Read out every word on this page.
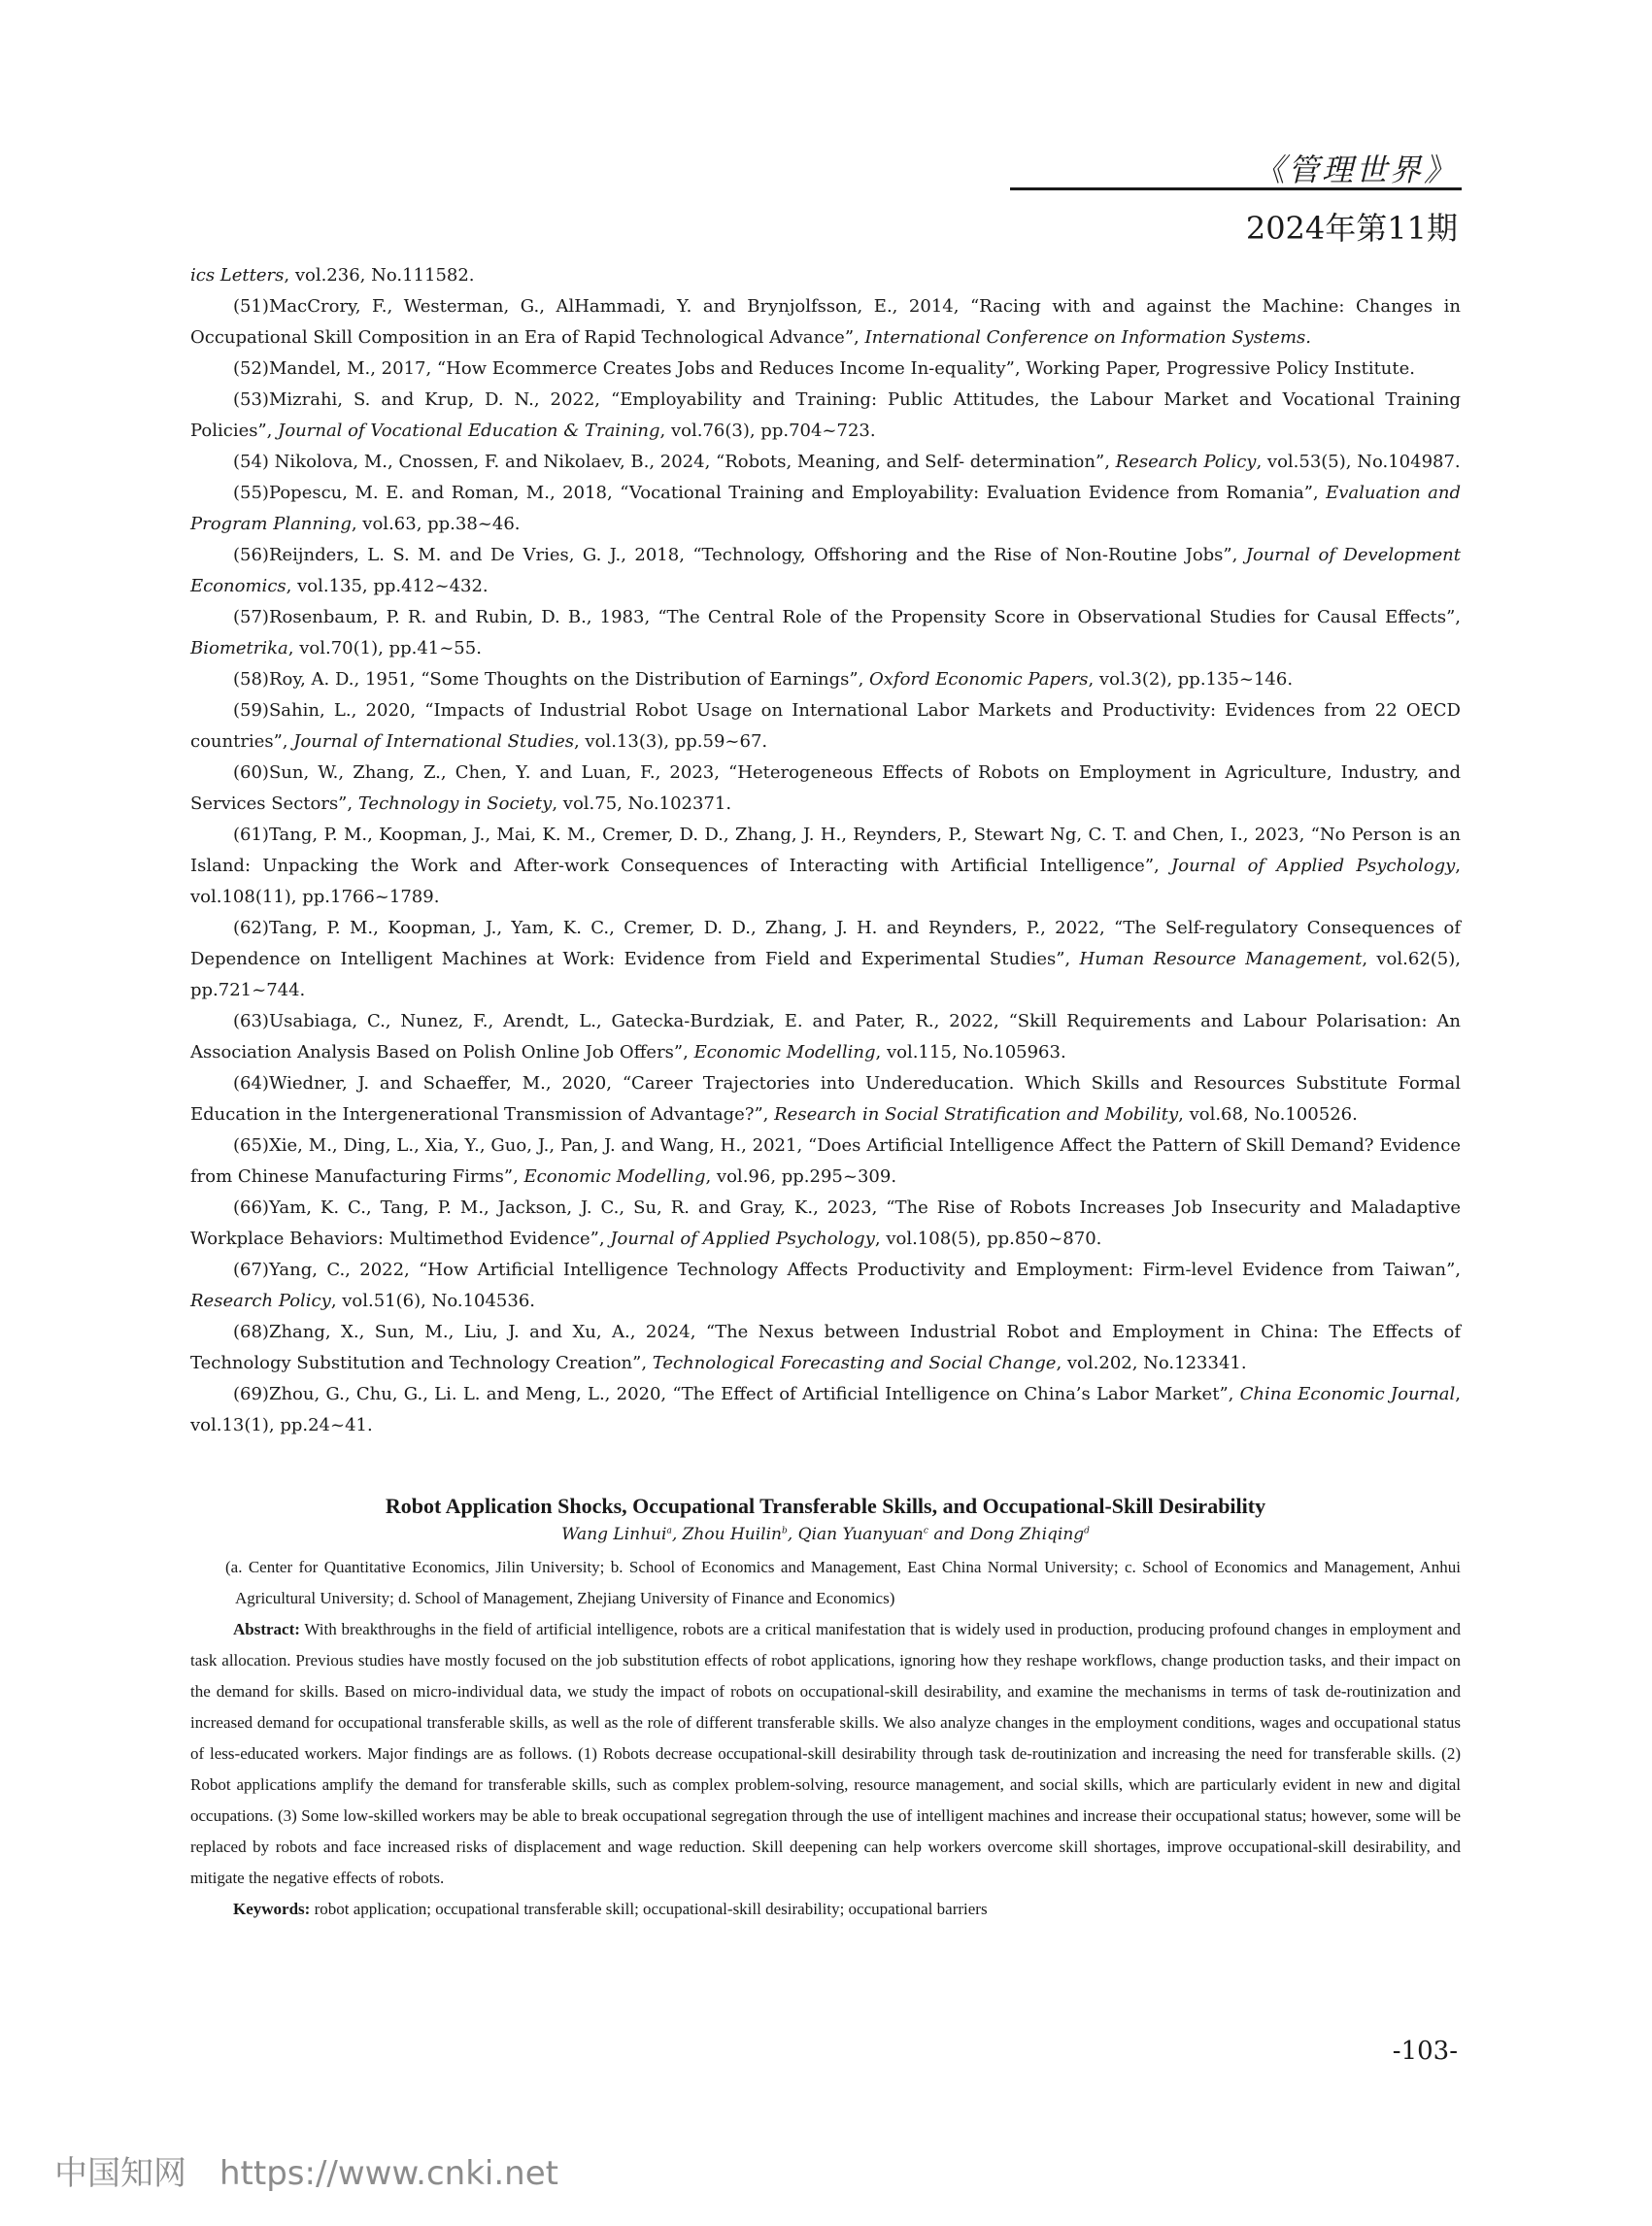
《管理世界》
2024年第11期

ics Letters, vol.236, No.111582.

(51)MacCrory, F., Westerman, G., AlHammadi, Y. and Brynjolfsson, E., 2014, “Racing with and against the Machine: Changes in Occupational Skill Composition in an Era of Rapid Technological Advance”, International Conference on Information Systems.

(52)Mandel, M., 2017, “How Ecommerce Creates Jobs and Reduces Income In-equality”, Working Paper, Progressive Policy Institute.

(53)Mizrahi, S. and Krup, D. N., 2022, “Employability and Training: Public Attitudes, the Labour Market and Vocational Training Policies”, Journal of Vocational Education & Training, vol.76(3), pp.704~723.

(54) Nikolova, M., Cnossen, F. and Nikolaev, B., 2024, “Robots, Meaning, and Self- determination”, Research Policy, vol.53(5), No.104987.

(55)Popescu, M. E. and Roman, M., 2018, “Vocational Training and Employability: Evaluation Evidence from Romania”, Evaluation and Program Planning, vol.63, pp.38~46.

(56)Reijnders, L. S. M. and De Vries, G. J., 2018, “Technology, Offshoring and the Rise of Non-Routine Jobs”, Journal of Development Economics, vol.135, pp.412~432.

(57)Rosenbaum, P. R. and Rubin, D. B., 1983, “The Central Role of the Propensity Score in Observational Studies for Causal Effects”, Biometrika, vol.70(1), pp.41~55.

(58)Roy, A. D., 1951, “Some Thoughts on the Distribution of Earnings”, Oxford Economic Papers, vol.3(2), pp.135~146.

(59)Sahin, L., 2020, “Impacts of Industrial Robot Usage on International Labor Markets and Productivity: Evidences from 22 OECD countries”, Journal of International Studies, vol.13(3), pp.59~67.

(60)Sun, W., Zhang, Z., Chen, Y. and Luan, F., 2023, “Heterogeneous Effects of Robots on Employment in Agriculture, Industry, and Services Sectors”, Technology in Society, vol.75, No.102371.

(61)Tang, P. M., Koopman, J., Mai, K. M., Cremer, D. D., Zhang, J. H., Reynders, P., Stewart Ng, C. T. and Chen, I., 2023, “No Person is an Island: Unpacking the Work and After-work Consequences of Interacting with Artificial Intelligence”, Journal of Applied Psychology, vol.108(11), pp.1766~1789.

(62)Tang, P. M., Koopman, J., Yam, K. C., Cremer, D. D., Zhang, J. H. and Reynders, P., 2022, “The Self-regulatory Consequences of Dependence on Intelligent Machines at Work: Evidence from Field and Experimental Studies”, Human Resource Management, vol.62(5), pp.721~744.

(63)Usabiaga, C., Nunez, F., Arendt, L., Gatecka-Burdziak, E. and Pater, R., 2022, “Skill Requirements and Labour Polarisation: An Association Analysis Based on Polish Online Job Offers”, Economic Modelling, vol.115, No.105963.

(64)Wiedner, J. and Schaeffer, M., 2020, “Career Trajectories into Undereducation. Which Skills and Resources Substitute Formal Education in the Intergenerational Transmission of Advantage?”, Research in Social Stratification and Mobility, vol.68, No.100526.

(65)Xie, M., Ding, L., Xia, Y., Guo, J., Pan, J. and Wang, H., 2021, “Does Artificial Intelligence Affect the Pattern of Skill Demand? Evidence from Chinese Manufacturing Firms”, Economic Modelling, vol.96, pp.295~309.

(66)Yam, K. C., Tang, P. M., Jackson, J. C., Su, R. and Gray, K., 2023, “The Rise of Robots Increases Job Insecurity and Maladaptive Workplace Behaviors: Multimethod Evidence”, Journal of Applied Psychology, vol.108(5), pp.850~870.

(67)Yang, C., 2022, “How Artificial Intelligence Technology Affects Productivity and Employment: Firm-level Evidence from Taiwan”, Research Policy, vol.51(6), No.104536.

(68)Zhang, X., Sun, M., Liu, J. and Xu, A., 2024, “The Nexus between Industrial Robot and Employment in China: The Effects of Technology Substitution and Technology Creation”, Technological Forecasting and Social Change, vol.202, No.123341.

(69)Zhou, G., Chu, G., Li. L. and Meng, L., 2020, “The Effect of Artificial Intelligence on China’s Labor Market”, China Economic Journal, vol.13(1), pp.24~41.

Robot Application Shocks, Occupational Transferable Skills, and Occupational-Skill Desirability

Wang Linhui$^a$, Zhou Huilin$^b$, Qian Yuanyuan$^c$ and Dong Zhiqing$^d$

(a. Center for Quantitative Economics, Jilin University; b. School of Economics and Management, East China Normal University; c. School of Economics and Management, Anhui Agricultural University; d. School of Management, Zhejiang University of Finance and Economics)

Abstract: With breakthroughs in the field of artificial intelligence, robots are a critical manifestation that is widely used in production, producing profound changes in employment and task allocation. Previous studies have mostly focused on the job substitution effects of robot applications, ignoring how they reshape workflows, change production tasks, and their impact on the demand for skills. Based on micro-individual data, we study the impact of robots on occupational-skill desirability, and examine the mechanisms in terms of task de-routinization and increased demand for occupational transferable skills, as well as the role of different transferable skills. We also analyze changes in the employment conditions, wages and occupational status of less-educated workers. Major findings are as follows. (1) Robots decrease occupational-skill desirability through task de-routinization and increasing the need for transferable skills. (2) Robot applications amplify the demand for transferable skills, such as complex problem-solving, resource management, and social skills, which are particularly evident in new and digital occupations. (3) Some low-skilled workers may be able to break occupational segregation through the use of intelligent machines and increase their occupational status; however, some will be replaced by robots and face increased risks of displacement and wage reduction. Skill deepening can help workers overcome skill shortages, improve occupational-skill desirability, and mitigate the negative effects of robots.

Keywords: robot application; occupational transferable skill; occupational-skill desirability; occupational barriers

-103-
中国知网 https://www.cnki.net
